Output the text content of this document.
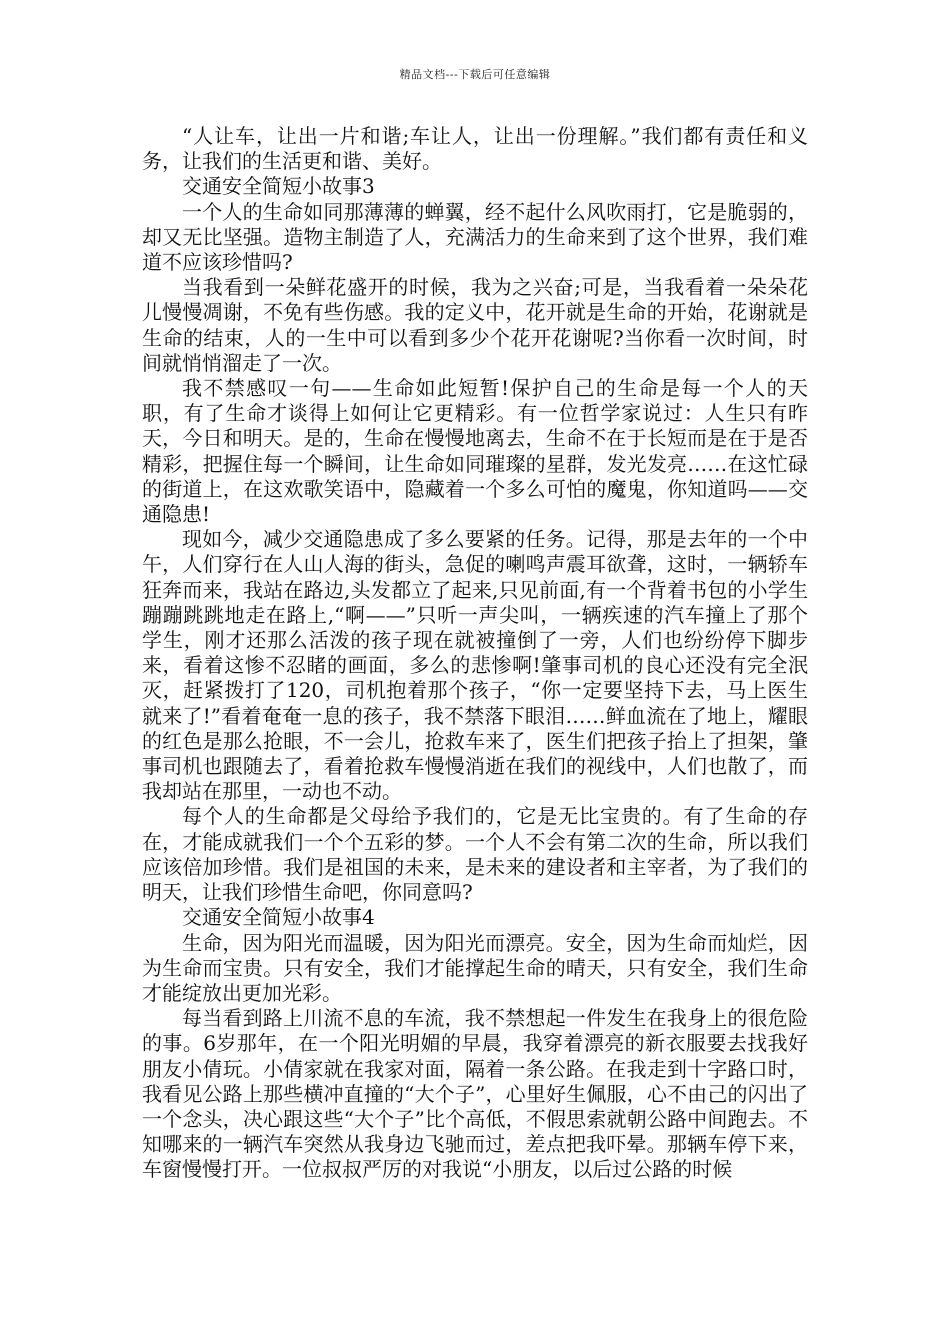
精品文档---下载后可任意编辑

“人让车，让出一片和谐;车让人，让出一份理解。”我们都有责任和义务，让我们的生活更和谐、美好。

交通安全简短小故事3

一个人的生命如同那薄薄的蝉翼，经不起什么风吹雨打，它是脆弱的，却又无比坚强。造物主制造了人，充满活力的生命来到了这个世界，我们难道不应该珍惜吗?

当我看到一朵鲜花盛开的时候，我为之兴奋;可是，当我看着一朵朵花儿慢慢凋谢，不免有些伤感。我的定义中，花开就是生命的开始，花谢就是生命的结束，人的一生中可以看到多少个花开花谢呢?当你看一次时间，时间就悄悄溜走了一次。

我不禁感叹一句——生命如此短暂!保护自己的生命是每一个人的天职，有了生命才谈得上如何让它更精彩。有一位哲学家说过：人生只有昨天，今日和明天。是的，生命在慢慢地离去，生命不在于长短而是在于是否精彩，把握住每一个瞬间，让生命如同璀璨的星群，发光发亮……在这忙碌的街道上，在这欢歌笑语中，隐藏着一个多么可怕的魔鬼，你知道吗——交通隐患!

现如今，减少交通隐患成了多么要紧的任务。记得，那是去年的一个中午，人们穿行在人山人海的街头，急促的喇鸣声震耳欲聋，这时，一辆轿车狂奔而来，我站在路边,头发都立了起来,只见前面,有一个背着书包的小学生蹦蹦跳跳地走在路上,“啊——”只听一声尖叫，一辆疾速的汽车撞上了那个学生，刚才还那么活泼的孩子现在就被撞倒了一旁，人们也纷纷停下脚步来，看着这惨不忍睹的画面，多么的悲惨啊!肇事司机的良心还没有完全泯灭，赶紧拨打了120，司机抱着那个孩子，“你一定要坚持下去，马上医生就来了!”看着奄奄一息的孩子，我不禁落下眼泪……鲜血流在了地上，耀眼的红色是那么抢眼，不一会儿，抢救车来了，医生们把孩子抬上了担架，肇事司机也跟随去了，看着抢救车慢慢消逝在我们的视线中，人们也散了，而我却站在那里，一动也不动。

每个人的生命都是父母给予我们的，它是无比宝贵的。有了生命的存在，才能成就我们一个个五彩的梦。一个人不会有第二次的生命，所以我们应该倍加珍惜。我们是祖国的未来，是未来的建设者和主宰者，为了我们的明天，让我们珍惜生命吧，你同意吗?

交通安全简短小故事4

生命，因为阳光而温暖，因为阳光而漂亮。安全，因为生命而灿烂，因为生命而宝贵。只有安全，我们才能撑起生命的晴天，只有安全，我们生命才能绽放出更加光彩。

每当看到路上川流不息的车流，我不禁想起一件发生在我身上的很危险的事。6岁那年，在一个阳光明媚的早晨，我穿着漂亮的新衣服要去找我好朋友小倩玩。小倩家就在我家对面，隔着一条公路。在我走到十字路口时，我看见公路上那些横冲直撞的“大个子”，心里好生佩服，心不由己的闪出了一个念头，决心跟这些“大个子”比个高低，不假思索就朝公路中间跑去。不知哪来的一辆汽车突然从我身边飞驰而过，差点把我吓晕。那辆车停下来，车窗慢慢打开。一位叔叔严厉的对我说“小朋友，以后过公路的时候
